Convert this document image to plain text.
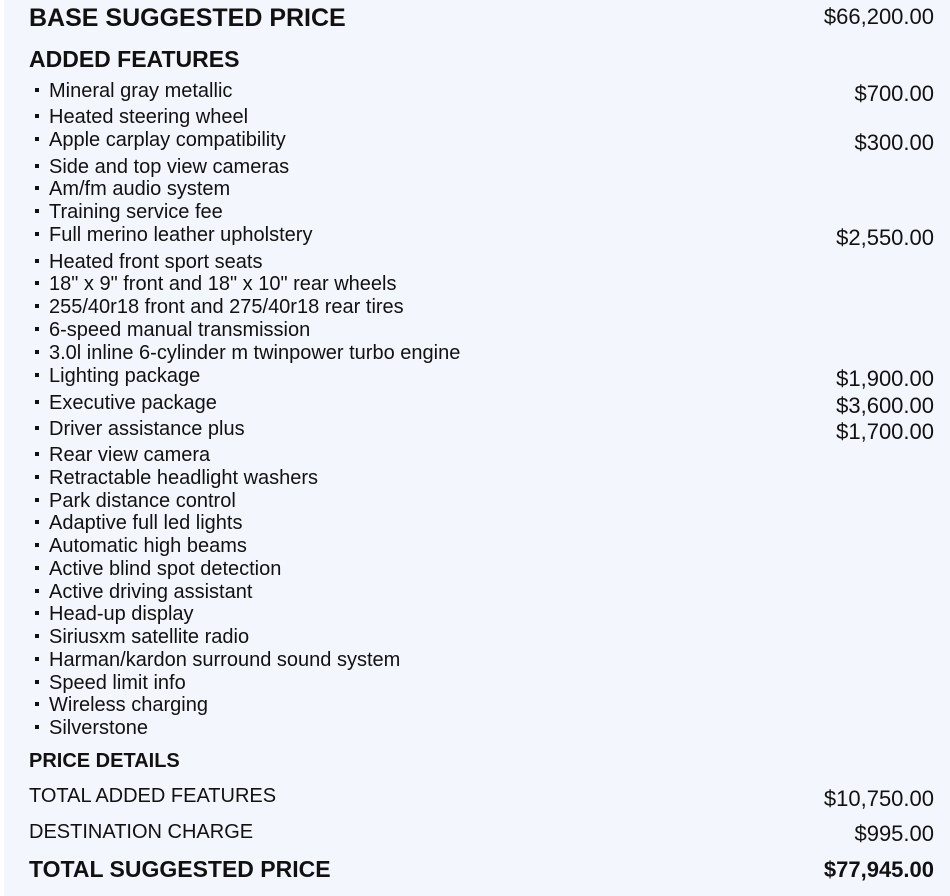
BASE SUGGESTED PRICE	$66,200.00
ADDED FEATURES
Mineral gray metallic	$700.00
Heated steering wheel
Apple carplay compatibility	$300.00
Side and top view cameras
Am/fm audio system
Training service fee
Full merino leather upholstery	$2,550.00
Heated front sport seats
18" x 9" front and 18" x 10" rear wheels
255/40r18 front and 275/40r18 rear tires
6-speed manual transmission
3.0l inline 6-cylinder m twinpower turbo engine
Lighting package	$1,900.00
Executive package	$3,600.00
Driver assistance plus	$1,700.00
Rear view camera
Retractable headlight washers
Park distance control
Adaptive full led lights
Automatic high beams
Active blind spot detection
Active driving assistant
Head-up display
Siriusxm satellite radio
Harman/kardon surround sound system
Speed limit info
Wireless charging
Silverstone
PRICE DETAILS
TOTAL ADDED FEATURES	$10,750.00
DESTINATION CHARGE	$995.00
TOTAL SUGGESTED PRICE	$77,945.00
